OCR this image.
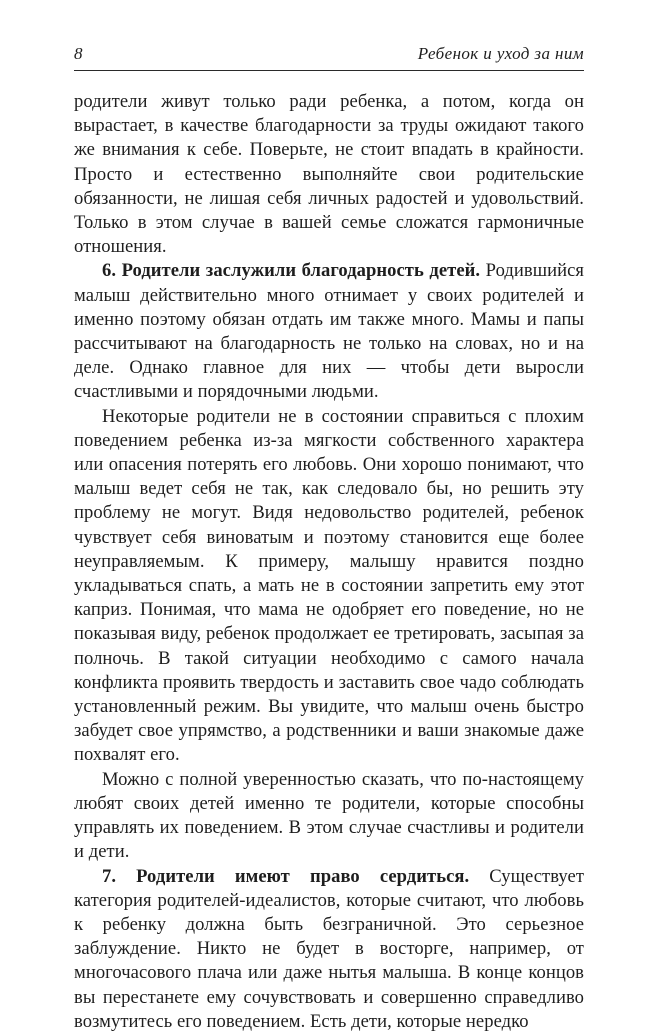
8	Ребенок и уход за ним

родители живут только ради ребенка, а потом, когда он вырастает, в качестве благодарности за труды ожидают такого же внимания к себе. Поверьте, не стоит впадать в крайности. Просто и естественно выполняйте свои родительские обязанности, не лишая себя личных радостей и удовольствий. Только в этом случае в вашей семье сложатся гармоничные отношения.

6. Родители заслужили благодарность детей. Родившийся малыш действительно много отнимает у своих родителей и именно поэтому обязан отдать им также много. Мамы и папы рассчитывают на благодарность не только на словах, но и на деле. Однако главное для них — чтобы дети выросли счастливыми и порядочными людьми.

Некоторые родители не в состоянии справиться с плохим поведением ребенка из-за мягкости собственного характера или опасения потерять его любовь. Они хорошо понимают, что малыш ведет себя не так, как следовало бы, но решить эту проблему не могут. Видя недовольство родителей, ребенок чувствует себя виноватым и поэтому становится еще более неуправляемым. К примеру, малышу нравится поздно укладываться спать, а мать не в состоянии запретить ему этот каприз. Понимая, что мама не одобряет его поведение, но не показывая виду, ребенок продолжает ее третировать, засыпая за полночь. В такой ситуации необходимо с самого начала конфликта проявить твердость и заставить свое чадо соблюдать установленный режим. Вы увидите, что малыш очень быстро забудет свое упрямство, а родственники и ваши знакомые даже похвалят его.

Можно с полной уверенностью сказать, что по-настоящему любят своих детей именно те родители, которые способны управлять их поведением. В этом случае счастливы и родители и дети.

7. Родители имеют право сердиться. Существует категория родителей-идеалистов, которые считают, что любовь к ребенку должна быть безграничной. Это серьезное заблуждение. Никто не будет в восторге, например, от многочасового плача или даже нытья малыша. В конце концов вы перестанете ему сочувствовать и совершенно справедливо возмутитесь его поведением. Есть дети, которые нередко
